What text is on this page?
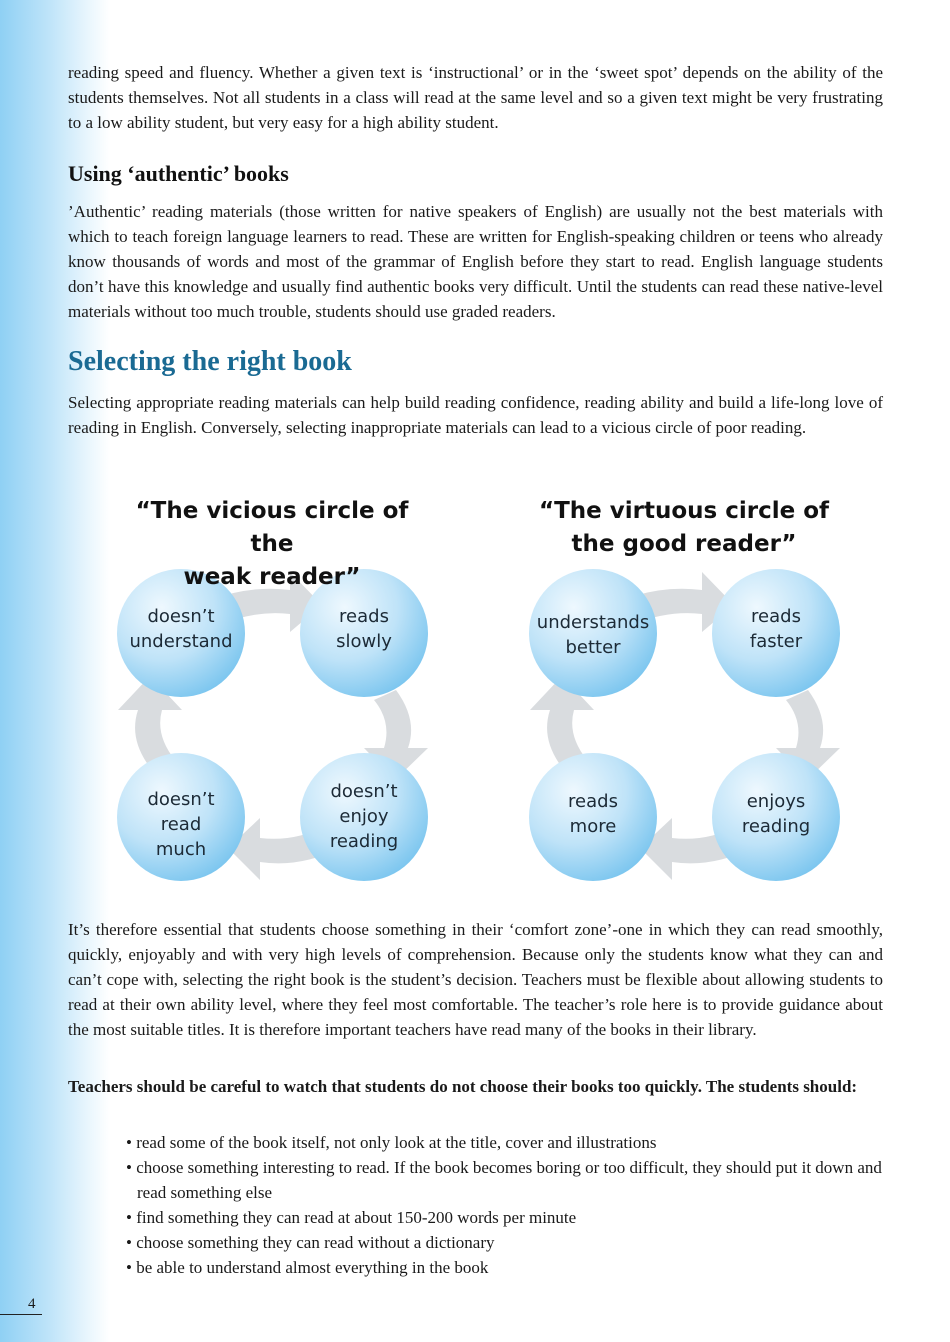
reading speed and fluency. Whether a given text is ‘instructional’ or in the ‘sweet spot’ depends on the ability of the students themselves. Not all students in a class will read at the same level and so a given text might be very frustrating to a low ability student, but very easy for a high ability student.

Using ‘authentic’ books

’Authentic’ reading materials (those written for native speakers of English) are usually not the best materials with which to teach foreign language learners to read. These are written for English-speaking children or teens who already know thousands of words and most of the grammar of English before they start to read. English language students don’t have this knowledge and usually find authentic books very difficult. Until the students can read these native-level materials without too much trouble, students should use graded readers.

Selecting the right book

Selecting appropriate reading materials can help build reading confidence, reading ability and build a life-long love of reading in English. Conversely, selecting inappropriate materials can lead to a vicious circle of poor reading.

“The vicious circle of the
weak reader”
“The virtuous circle of
the good reader”
doesn’t
understand
reads
slowly
doesn’t
enjoy
reading
doesn’t
read
much
understands
better
reads
faster
enjoys
reading
reads
more

It’s therefore essential that students choose something in their ‘comfort zone’-one in which they can read smoothly, quickly, enjoyably and with very high levels of comprehension. Because only the students know what they can and can’t cope with, selecting the right book is the student’s decision. Teachers must be flexible about allowing students to read at their own ability level, where they feel most comfortable. The teacher’s role here is to provide guidance about the most suitable titles. It is therefore important teachers have read many of the books in their library.

Teachers should be careful to watch that students do not choose their books too quickly. The students should:

• read some of the book itself, not only look at the title, cover and illustrations
• choose something interesting to read. If the book becomes boring or too difficult, they should put it down and read something else
• find something they can read at about 150-200 words per minute
• choose something they can read without a dictionary
• be able to understand almost everything in the book
4
